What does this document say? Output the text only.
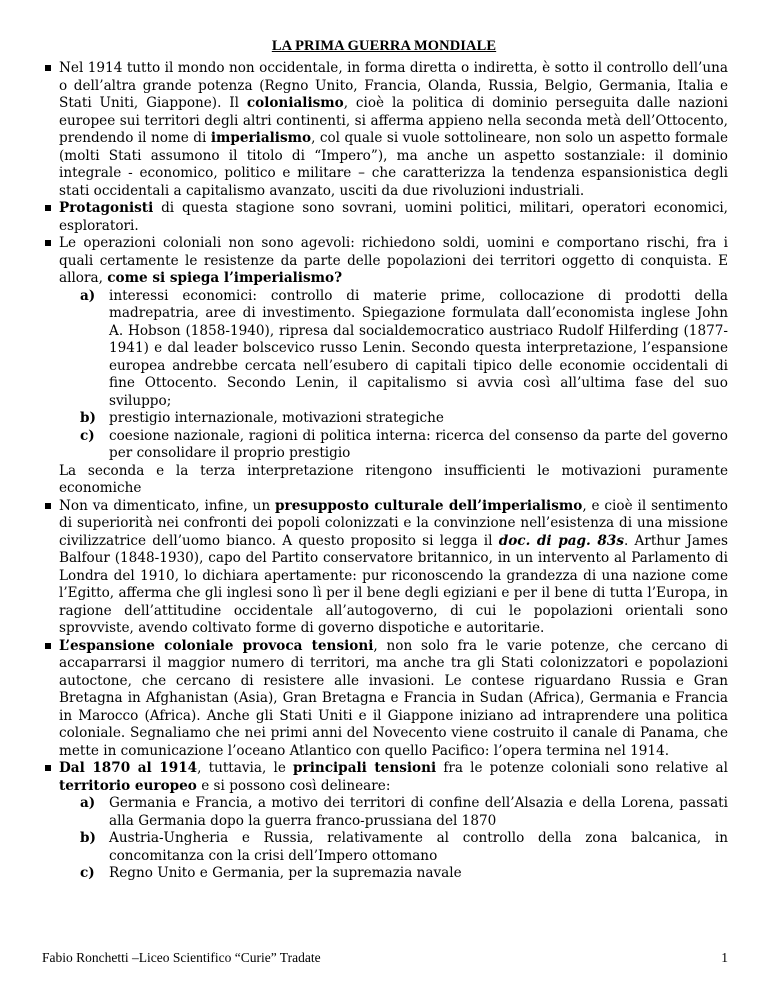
LA PRIMA GUERRA MONDIALE

Nel 1914 tutto il mondo non occidentale, in forma diretta o indiretta, è sotto il controllo dell’una o dell’altra grande potenza (Regno Unito, Francia, Olanda, Russia, Belgio, Germania, Italia e Stati Uniti, Giappone). Il colonialismo, cioè la politica di dominio perseguita dalle nazioni europee sui territori degli altri continenti, si afferma appieno nella seconda metà dell’Ottocento, prendendo il nome di imperialismo, col quale si vuole sottolineare, non solo un aspetto formale (molti Stati assumono il titolo di “Impero”), ma anche un aspetto sostanziale: il dominio integrale - economico, politico e militare – che caratterizza la tendenza espansionistica degli stati occidentali a capitalismo avanzato, usciti da due rivoluzioni industriali.

Protagonisti di questa stagione sono sovrani, uomini politici, militari, operatori economici, esploratori.

Le operazioni coloniali non sono agevoli: richiedono soldi, uomini e comportano rischi, fra i quali certamente le resistenze da parte delle popolazioni dei territori oggetto di conquista. E allora, come si spiega l’imperialismo?

a) interessi economici: controllo di materie prime, collocazione di prodotti della madrepatria, aree di investimento. Spiegazione formulata dall’economista inglese John A. Hobson (1858-1940), ripresa dal socialdemocratico austriaco Rudolf Hilferding (1877-1941) e dal leader bolscevico russo Lenin. Secondo questa interpretazione, l’espansione europea andrebbe cercata nell’esubero di capitali tipico delle economie occidentali di fine Ottocento. Secondo Lenin, il capitalismo si avvia così all’ultima fase del suo sviluppo;
b) prestigio internazionale, motivazioni strategiche
c) coesione nazionale, ragioni di politica interna: ricerca del consenso da parte del governo per consolidare il proprio prestigio

La seconda e la terza interpretazione ritengono insufficienti le motivazioni puramente economiche

Non va dimenticato, infine, un presupposto culturale dell’imperialismo, e cioè il sentimento di superiorità nei confronti dei popoli colonizzati e la convinzione nell’esistenza di una missione civilizzatrice dell’uomo bianco. A questo proposito si legga il doc. di pag. 83s. Arthur James Balfour (1848-1930), capo del Partito conservatore britannico, in un intervento al Parlamento di Londra del 1910, lo dichiara apertamente: pur riconoscendo la grandezza di una nazione come l’Egitto, afferma che gli inglesi sono lì per il bene degli egiziani e per il bene di tutta l’Europa, in ragione dell’attitudine occidentale all’autogoverno, di cui le popolazioni orientali sono sprovviste, avendo coltivato forme di governo dispotiche e autoritarie.

L’espansione coloniale provoca tensioni, non solo fra le varie potenze, che cercano di accaparrarsi il maggior numero di territori, ma anche tra gli Stati colonizzatori e popolazioni autoctone, che cercano di resistere alle invasioni. Le contese riguardano Russia e Gran Bretagna in Afghanistan (Asia), Gran Bretagna e Francia in Sudan (Africa), Germania e Francia in Marocco (Africa). Anche gli Stati Uniti e il Giappone iniziano ad intraprendere una politica coloniale. Segnaliamo che nei primi anni del Novecento viene costruito il canale di Panama, che mette in comunicazione l’oceano Atlantico con quello Pacifico: l’opera termina nel 1914.

Dal 1870 al 1914, tuttavia, le principali tensioni fra le potenze coloniali sono relative al territorio europeo e si possono così delineare:

a) Germania e Francia, a motivo dei territori di confine dell’Alsazia e della Lorena, passati alla Germania dopo la guerra franco-prussiana del 1870
b) Austria-Ungheria e Russia, relativamente al controllo della zona balcanica, in concomitanza con la crisi dell’Impero ottomano
c) Regno Unito e Germania, per la supremazia navale
Fabio Ronchetti –Liceo Scientifico “Curie” Tradate	1
